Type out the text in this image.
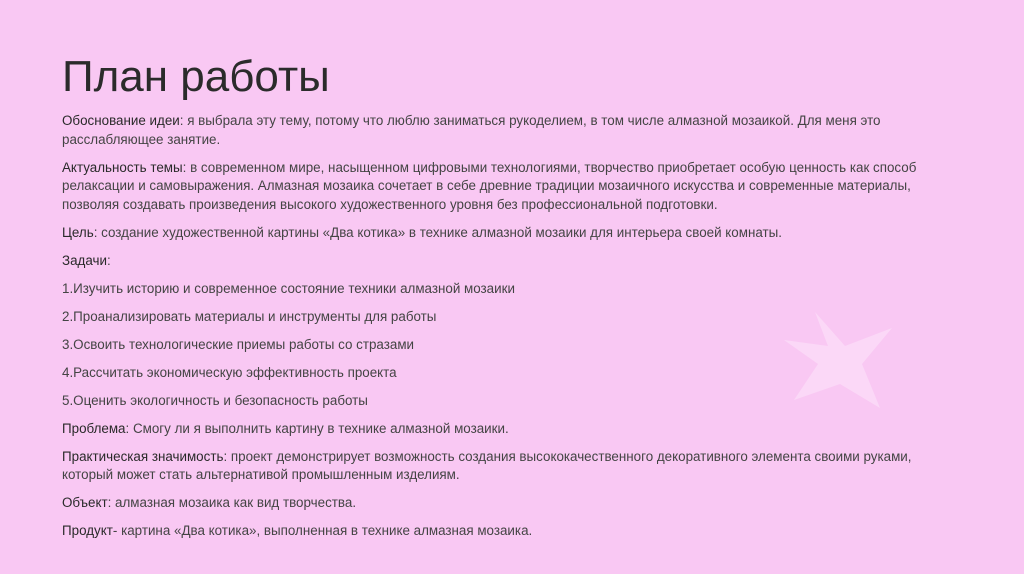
План работы

Обоснование идеи: я выбрала эту тему, потому что люблю заниматься рукоделием, в том числе алмазной мозаикой. Для меня это расслабляющее занятие.

Актуальность темы: в современном мире, насыщенном цифровыми технологиями, творчество приобретает особую ценность как способ релаксации и самовыражения. Алмазная мозаика сочетает в себе древние традиции мозаичного искусства и современные материалы, позволяя создавать произведения высокого художественного уровня без профессиональной подготовки.

Цель: создание художественной картины «Два котика» в технике алмазной мозаики для интерьера своей комнаты.

Задачи:

1.Изучить историю и современное состояние техники алмазной мозаики

2.Проанализировать материалы и инструменты для работы

3.Освоить технологические приемы работы со стразами

4.Рассчитать экономическую эффективность проекта

5.Оценить экологичность и безопасность работы

Проблема: Смогу ли я выполнить картину в технике алмазной мозаики.

Практическая значимость: проект демонстрирует возможность создания высококачественного декоративного элемента своими руками, который может стать альтернативой промышленным изделиям.

Объект: алмазная мозаика как вид творчества.

Продукт- картина «Два котика», выполненная в технике алмазная мозаика.
